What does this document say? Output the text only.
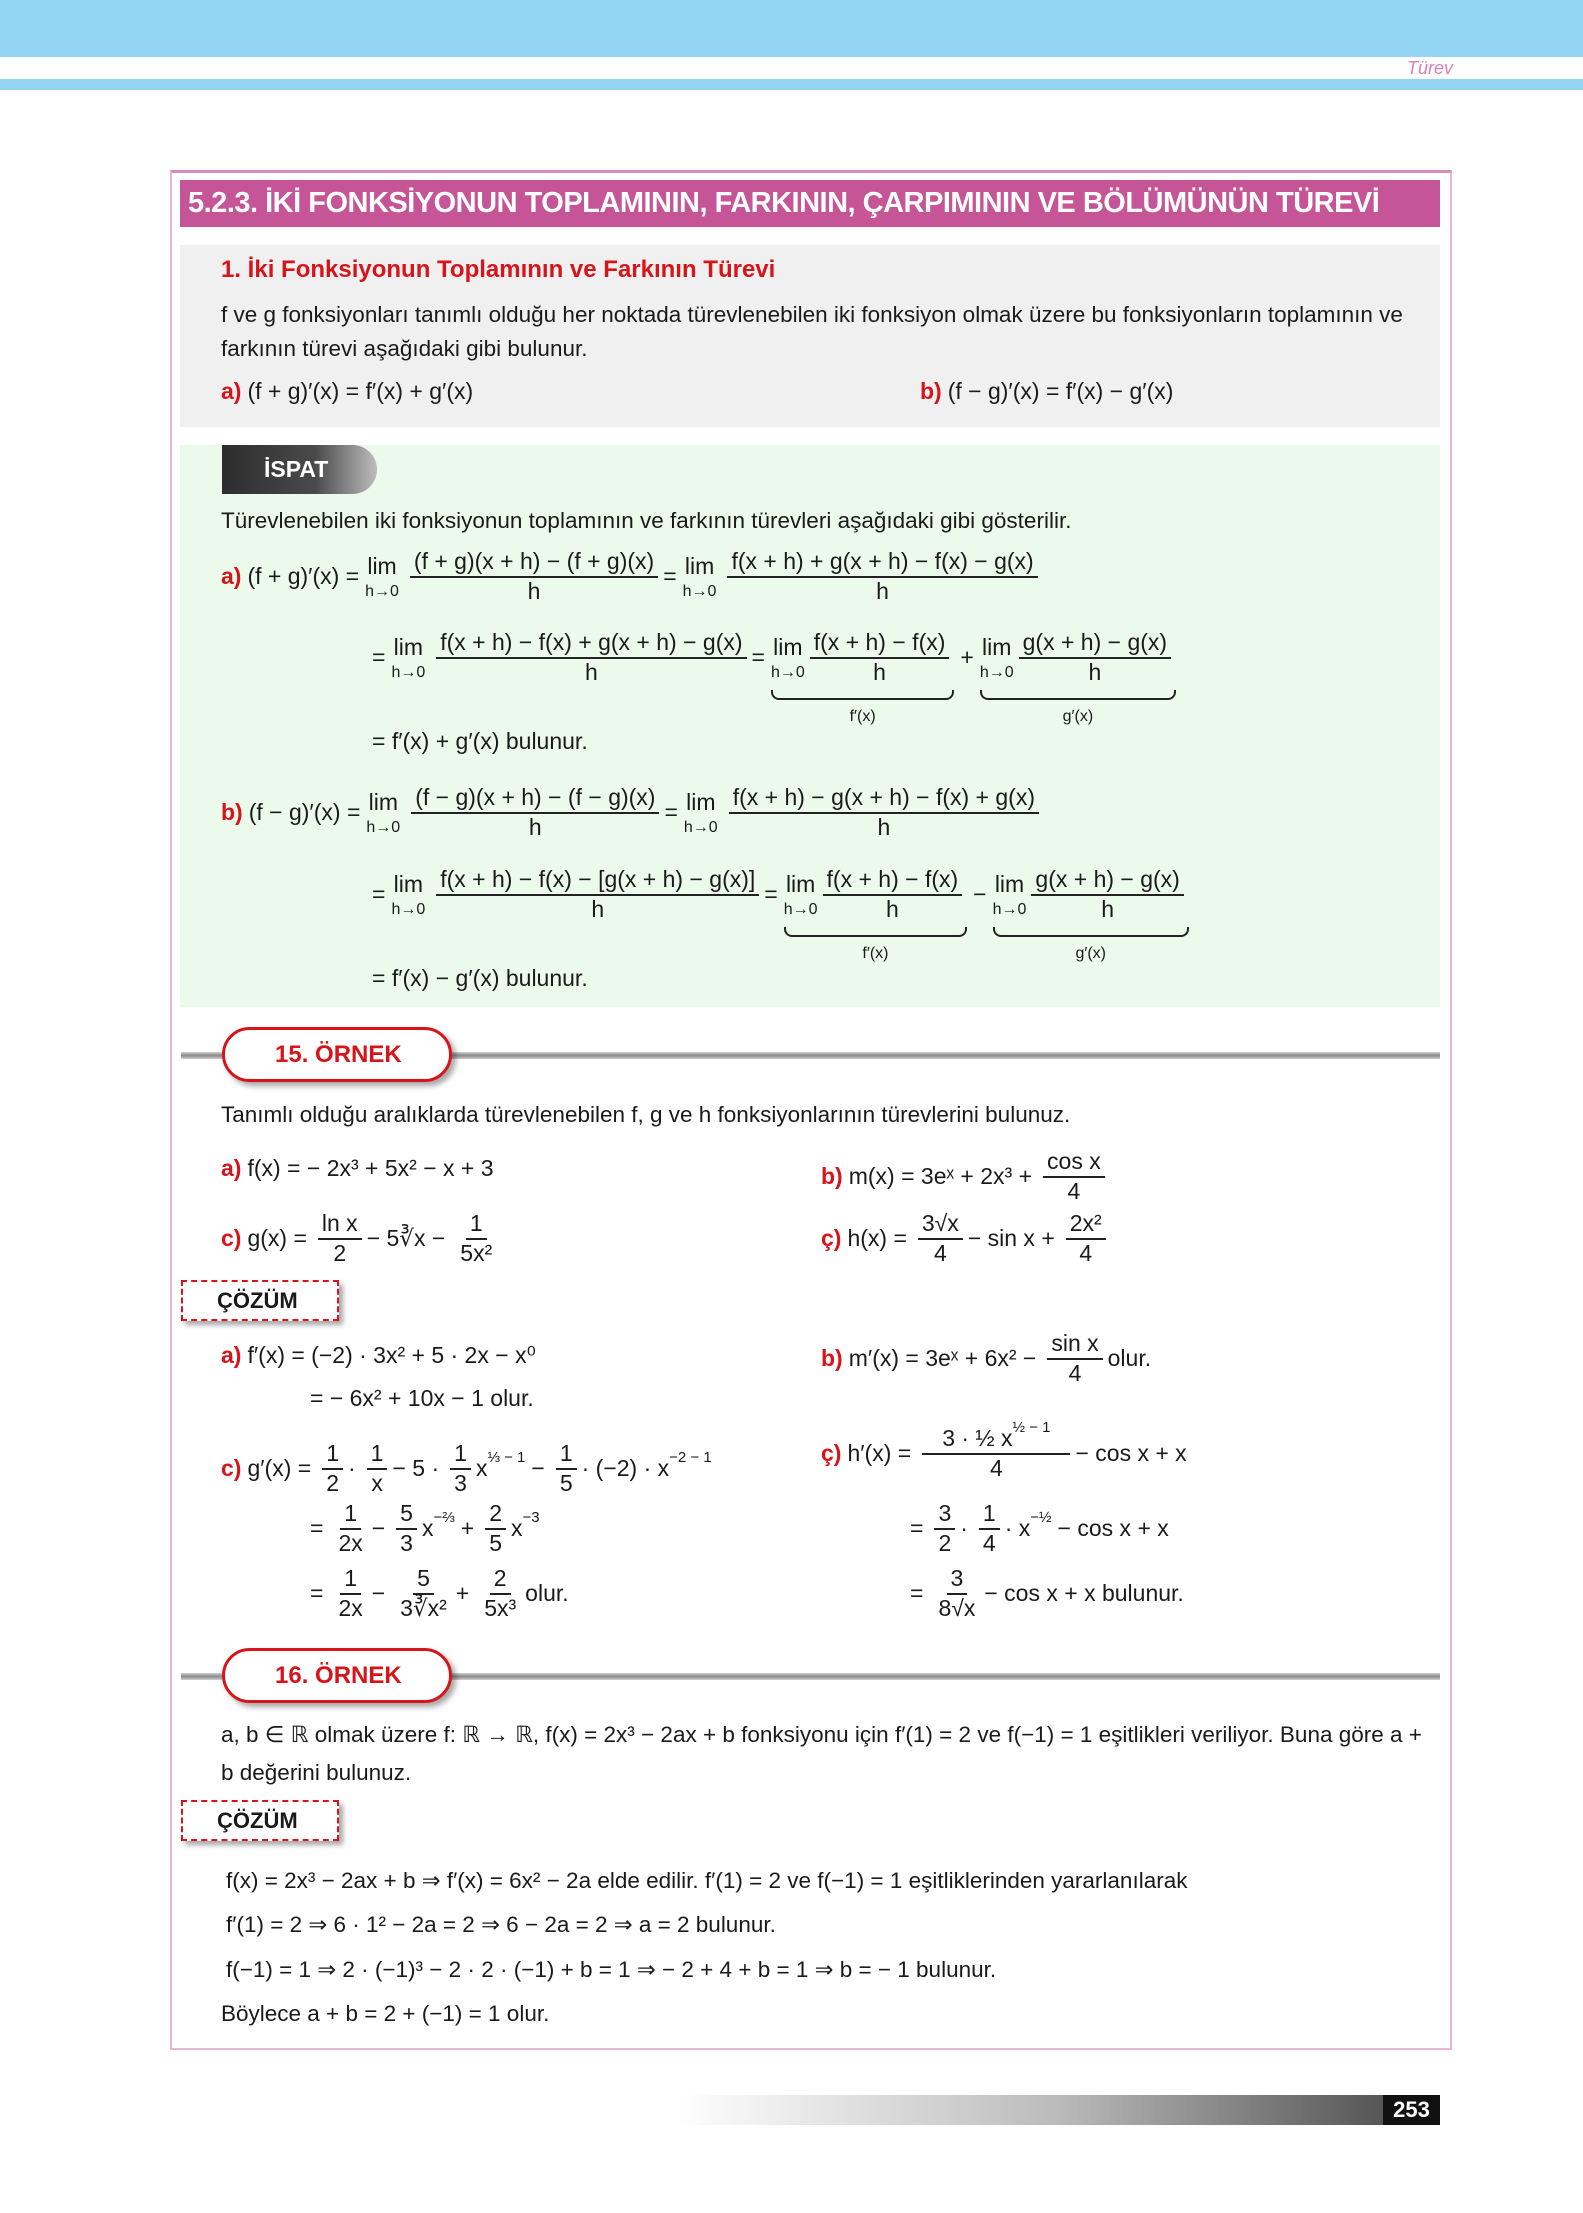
Türev
5.2.3. İKİ FONKSİYONUN TOPLAMININ, FARKININ, ÇARPIMININ VE BÖLÜMÜNÜN TÜREVİ
1. İki Fonksiyonun Toplamının ve Farkının Türevi
f ve g fonksiyonları tanımlı olduğu her noktada türevlenebilen iki fonksiyon olmak üzere bu fonksiyonların toplamının ve farkının türevi aşağıdaki gibi bulunur.
a) (f + g)′(x) = f′(x) + g′(x)	b) (f − g)′(x) = f′(x) − g′(x)
İSPAT
Türevlenebilen iki fonksiyonun toplamının ve farkının türevleri aşağıdaki gibi gösterilir.
a) (f + g)′(x) = lim
$h\to 0 \frac{(f + g)(x + h) - (f + g)(x)}{h} = \lim$
$h\to 0 \frac{f(x + h) + g(x + h) - f(x) - g(x)}{h}$
= lim
$h\to 0 \frac{f(x + h) - f(x) + g(x + h) - g(x)}{h} = \lim$
$h\to 0 \frac{f(x + h) - f(x)}{h}$
f′(x)
+ lim
$h\to 0 \frac{g(x + h) - g(x)}{h}$
g′(x)
= f′(x) + g′(x) bulunur.
b) (f − g)′(x) = lim
$h\to 0 \frac{(f - g)(x + h) - (f - g)(x)}{h} = \lim$
$h\to 0 \frac{f(x + h) - g(x + h) - f(x) + g(x)}{h}$
= lim
$h\to 0 \frac{f(x + h) - f(x) - [g(x + h) - g(x)]}{h} = \lim$
$h\to 0 \frac{f(x + h) - f(x)}{h}$
f′(x)
− lim
$h\to 0 \frac{g(x + h) - g(x)}{h}$
g′(x)
= f′(x) − g′(x) bulunur.
15. ÖRNEK
Tanımlı olduğu aralıklarda türevlenebilen f, g ve h fonksiyonlarının türevlerini bulunuz.
a) f(x) = − 2x³ + 5x² − x + 3	b) m(x) = 3eˣ + $2x^3 + \frac{\text{cos x}}{4}$
c) $g(x) = \frac{\text{ln x}}{2}$ − 5∛x − $\frac{1}{\text{5x²}}$	ç) $h(x) = \frac{3√x}{4} - \sin x + \frac{\text{2x²}}{4}$
ÇÖZÜM
a) f′(x) = (−2) · 3x² + 5 · 2x − x⁰
= − 6x² + 10x − 1 olur.
b) m′(x) = 3eˣ + $6x^2 - \frac{\text{sin x}}{4}$ olur.
c) $g'(x) = \frac{1}{2} \cdot \frac{1}{x} - 5 \cdot \frac{1}{3} x^{\frac{1}{3} - 1} - \frac{1}{5} \cdot (-2) \cdot x^{-2 - 1}$
= $\frac{1}{2x} - \frac{5}{3} x^{-\frac{2}{3}} + \frac{2}{5} x^{-3}$
= $\frac{1}{2x} - \frac{5}{\text{3∛x²}} + \frac{2}{\text{5x³}}$ olur.
ç) $h'(x) = \frac{3 \cdot \frac{1}{2} x^{\frac{1}{2} - 1}}{4} - \cos x + x$
= $\frac{3}{2} \cdot \frac{1}{4} \cdot x^{-\frac{1}{2}} - \cos x + x$
= $\frac{3}{8√x} - \cos x + x$ bulunur.
16. ÖRNEK
a, b ∈ ℝ olmak üzere f: ℝ → ℝ, f(x) = 2x³ − 2ax + b fonksiyonu için f′(1) = 2 ve f(−1) = 1 eşitlikleri veriliyor. Buna göre a + b değerini bulunuz.
ÇÖZÜM
f(x) = 2x³ − 2ax + b ⇒ f′(x) = 6x² − 2a elde edilir. f′(1) = 2 ve f(−1) = 1 eşitliklerinden yararlanılarak
f′(1) = 2 ⇒ 6 · 1² − 2a = 2 ⇒ 6 − 2a = 2 ⇒ a = 2 bulunur.
f(−1) = 1 ⇒ 2 · (−1)³ − 2 · 2 · (−1) + b = 1 ⇒ − 2 + 4 + b = 1 ⇒ b = − 1 bulunur.
Böylece a + b = 2 + (−1) = 1 olur.
253
